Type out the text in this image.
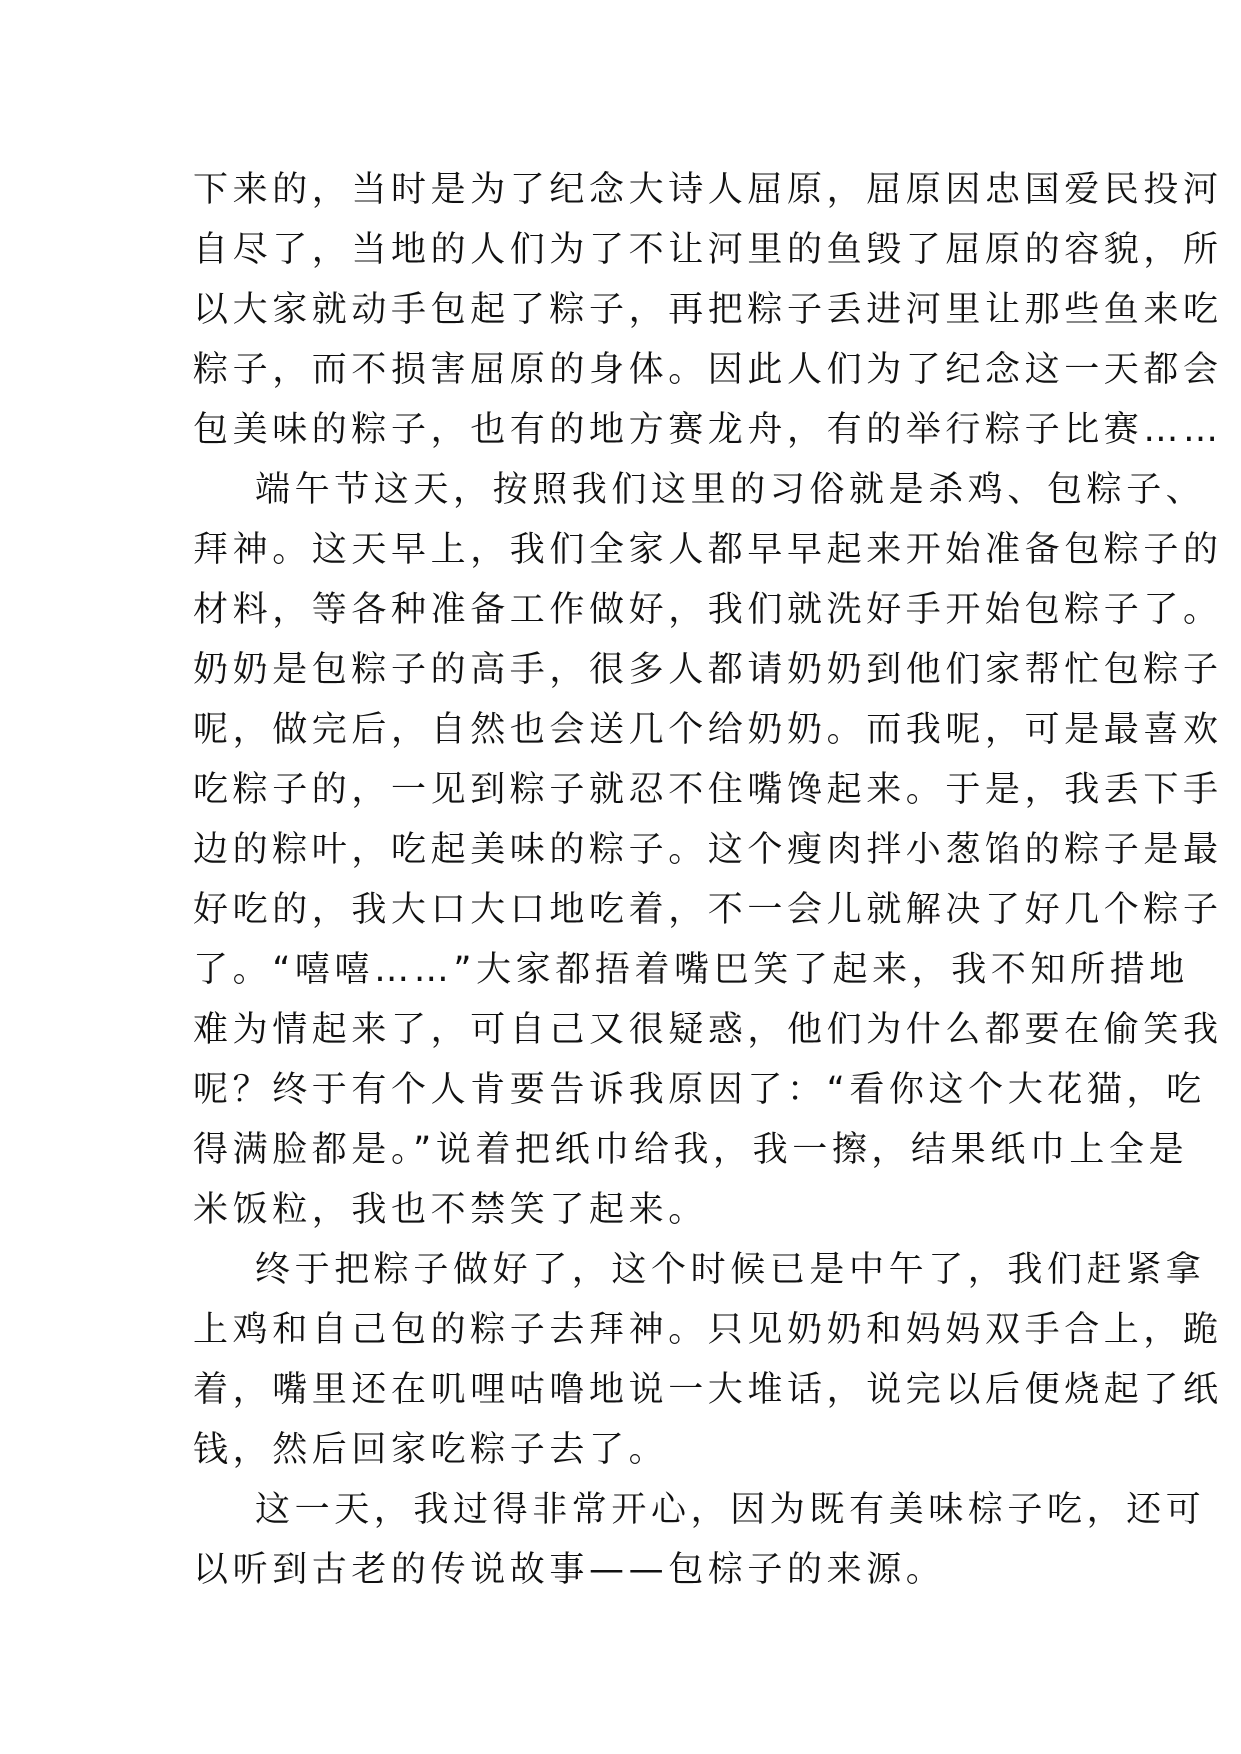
下来的，当时是为了纪念大诗人屈原，屈原因忠国爱民投河
自尽了，当地的人们为了不让河里的鱼毁了屈原的容貌，所
以大家就动手包起了粽子，再把粽子丢进河里让那些鱼来吃
粽子，而不损害屈原的身体。因此人们为了纪念这一天都会
包美味的粽子，也有的地方赛龙舟，有的举行粽子比赛……
端午节这天，按照我们这里的习俗就是杀鸡、包粽子、
拜神。这天早上，我们全家人都早早起来开始准备包粽子的
材料，等各种准备工作做好，我们就洗好手开始包粽子了。
奶奶是包粽子的高手，很多人都请奶奶到他们家帮忙包粽子
呢，做完后，自然也会送几个给奶奶。而我呢，可是最喜欢
吃粽子的，一见到粽子就忍不住嘴馋起来。于是，我丢下手
边的粽叶，吃起美味的粽子。这个瘦肉拌小葱馅的粽子是最
好吃的，我大口大口地吃着，不一会儿就解决了好几个粽子
了。“嘻嘻……”大家都捂着嘴巴笑了起来，我不知所措地
难为情起来了，可自己又很疑惑，他们为什么都要在偷笑我
呢？终于有个人肯要告诉我原因了：“看你这个大花猫，吃
得满脸都是。”说着把纸巾给我，我一擦，结果纸巾上全是
米饭粒，我也不禁笑了起来。
终于把粽子做好了，这个时候已是中午了，我们赶紧拿
上鸡和自己包的粽子去拜神。只见奶奶和妈妈双手合上，跪
着，嘴里还在叽哩咕噜地说一大堆话，说完以后便烧起了纸
钱，然后回家吃粽子去了。
这一天，我过得非常开心，因为既有美味棕子吃，还可
以听到古老的传说故事——包棕子的来源。
